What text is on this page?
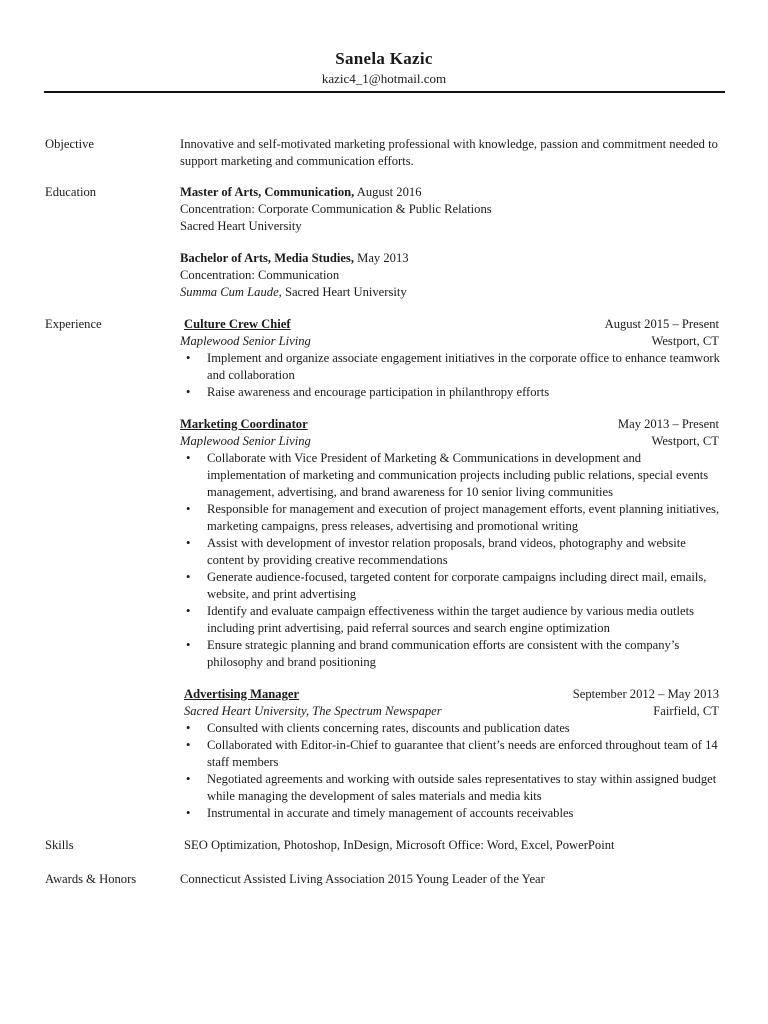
Sanela Kazic
kazic4_1@hotmail.com
Objective	Innovative and self-motivated marketing professional with knowledge, passion and commitment needed to support marketing and communication efforts.
Education	Master of Arts, Communication, August 2016
Concentration: Corporate Communication & Public Relations
Sacred Heart University
Bachelor of Arts, Media Studies, May 2013
Concentration: Communication
Summa Cum Laude, Sacred Heart University
Experience	Culture Crew Chief	August 2015 – Present
Maplewood Senior Living	Westport, CT
• Implement and organize associate engagement initiatives in the corporate office to enhance teamwork and collaboration
• Raise awareness and encourage participation in philanthropy efforts
Marketing Coordinator	May 2013 – Present
Maplewood Senior Living	Westport, CT
• Collaborate with Vice President of Marketing & Communications in development and implementation of marketing and communication projects including public relations, special events management, advertising, and brand awareness for 10 senior living communities
• Responsible for management and execution of project management efforts, event planning initiatives, marketing campaigns, press releases, advertising and promotional writing
• Assist with development of investor relation proposals, brand videos, photography and website content by providing creative recommendations
• Generate audience-focused, targeted content for corporate campaigns including direct mail, emails, website, and print advertising
• Identify and evaluate campaign effectiveness within the target audience by various media outlets including print advertising, paid referral sources and search engine optimization
• Ensure strategic planning and brand communication efforts are consistent with the company’s philosophy and brand positioning
Advertising Manager	September 2012 – May 2013
Sacred Heart University, The Spectrum Newspaper	Fairfield, CT
• Consulted with clients concerning rates, discounts and publication dates
• Collaborated with Editor-in-Chief to guarantee that client’s needs are enforced throughout team of 14 staff members
• Negotiated agreements and working with outside sales representatives to stay within assigned budget while managing the development of sales materials and media kits
• Instrumental in accurate and timely management of accounts receivables
Skills	SEO Optimization, Photoshop, InDesign, Microsoft Office: Word, Excel, PowerPoint
Awards & Honors	Connecticut Assisted Living Association 2015 Young Leader of the Year
